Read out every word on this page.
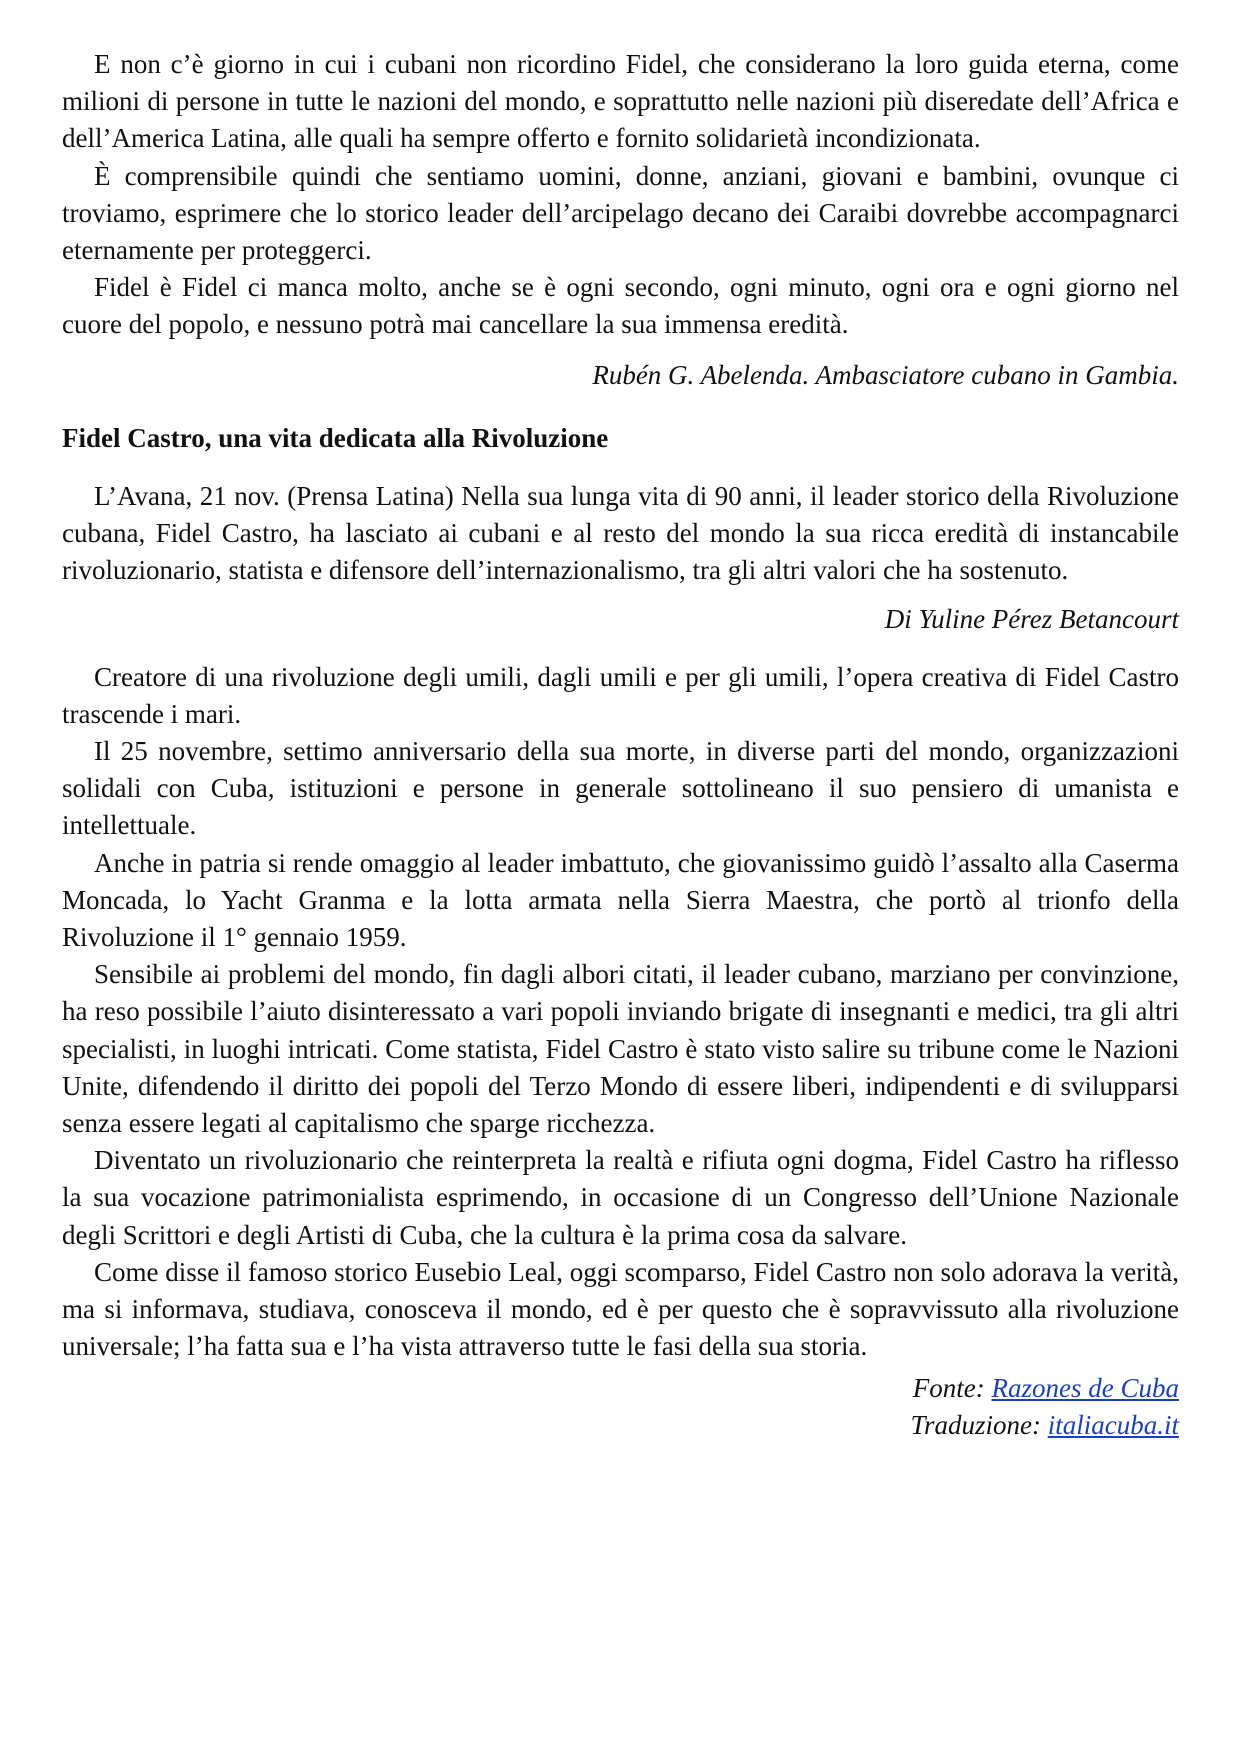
E non c’è giorno in cui i cubani non ricordino Fidel, che considerano la loro guida eterna, come milioni di persone in tutte le nazioni del mondo, e soprattutto nelle nazioni più diseredate dell’Africa e dell’America Latina, alle quali ha sempre offerto e fornito solidarietà incondizionata.

È comprensibile quindi che sentiamo uomini, donne, anziani, giovani e bambini, ovunque ci troviamo, esprimere che lo storico leader dell’arcipelago decano dei Caraibi dovrebbe accompagnarci eternamente per proteggerci.

Fidel è Fidel ci manca molto, anche se è ogni secondo, ogni minuto, ogni ora e ogni giorno nel cuore del popolo, e nessuno potrà mai cancellare la sua immensa eredità.

Rubén G. Abelenda. Ambasciatore cubano in Gambia.

Fidel Castro, una vita dedicata alla Rivoluzione

L’Avana, 21 nov. (Prensa Latina) Nella sua lunga vita di 90 anni, il leader storico della Rivoluzione cubana, Fidel Castro, ha lasciato ai cubani e al resto del mondo la sua ricca eredità di instancabile rivoluzionario, statista e difensore dell’internazionalismo, tra gli altri valori che ha sostenuto.

Di Yuline Pérez Betancourt

Creatore di una rivoluzione degli umili, dagli umili e per gli umili, l’opera creativa di Fidel Castro trascende i mari.

Il 25 novembre, settimo anniversario della sua morte, in diverse parti del mondo, organizzazioni solidali con Cuba, istituzioni e persone in generale sottolineano il suo pensiero di umanista e intellettuale.

Anche in patria si rende omaggio al leader imbattuto, che giovanissimo guidò l’assalto alla Caserma Moncada, lo Yacht Granma e la lotta armata nella Sierra Maestra, che portò al trionfo della Rivoluzione il 1° gennaio 1959.

Sensibile ai problemi del mondo, fin dagli albori citati, il leader cubano, marziano per convinzione, ha reso possibile l’aiuto disinteressato a vari popoli inviando brigate di insegnanti e medici, tra gli altri specialisti, in luoghi intricati. Come statista, Fidel Castro è stato visto salire su tribune come le Nazioni Unite, difendendo il diritto dei popoli del Terzo Mondo di essere liberi, indipendenti e di svilupparsi senza essere legati al capitalismo che sparge ricchezza.

Diventato un rivoluzionario che reinterpreta la realtà e rifiuta ogni dogma, Fidel Castro ha riflesso la sua vocazione patrimonialista esprimendo, in occasione di un Congresso dell’Unione Nazionale degli Scrittori e degli Artisti di Cuba, che la cultura è la prima cosa da salvare.

Come disse il famoso storico Eusebio Leal, oggi scomparso, Fidel Castro non solo adorava la verità, ma si informava, studiava, conosceva il mondo, ed è per questo che è sopravvissuto alla rivoluzione universale; l’ha fatta sua e l’ha vista attraverso tutte le fasi della sua storia.

Fonte: Razones de Cuba

Traduzione: italiacuba.it
